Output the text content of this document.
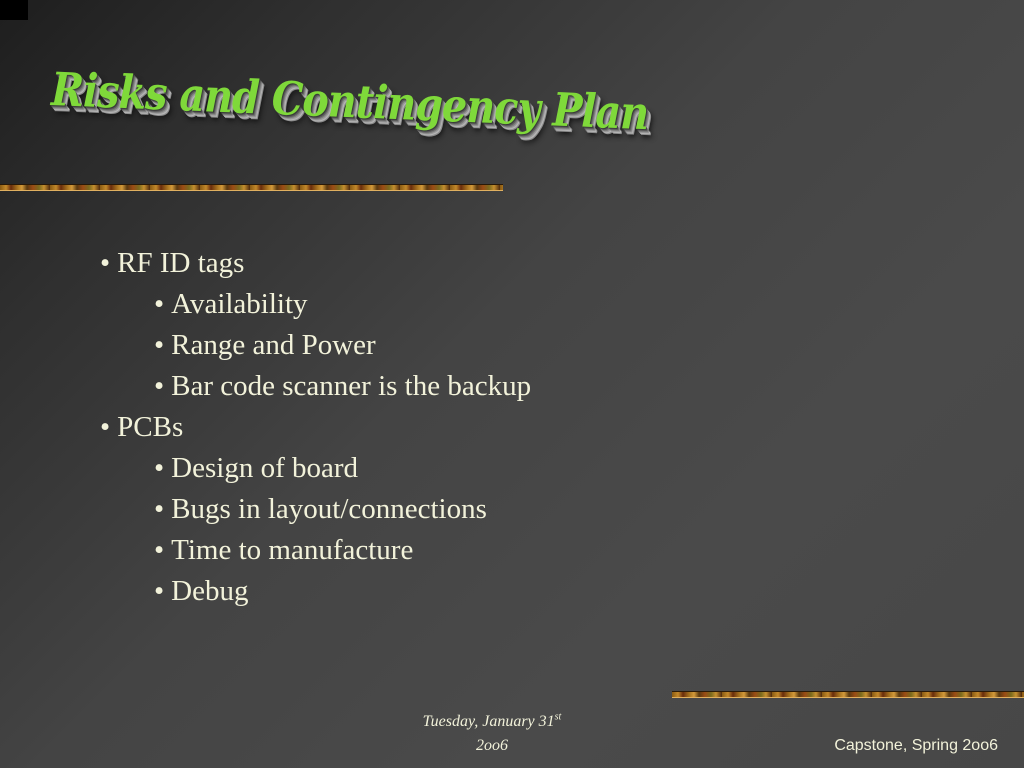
Risks and Contingency Plan
• RF ID tags
• Availability
• Range and Power
• Bar code scanner is the backup
• PCBs
• Design of board
• Bugs in layout/connections
• Time to manufacture
• Debug
Tuesday, January 31st
2oo6	Capstone, Spring 2oo6
